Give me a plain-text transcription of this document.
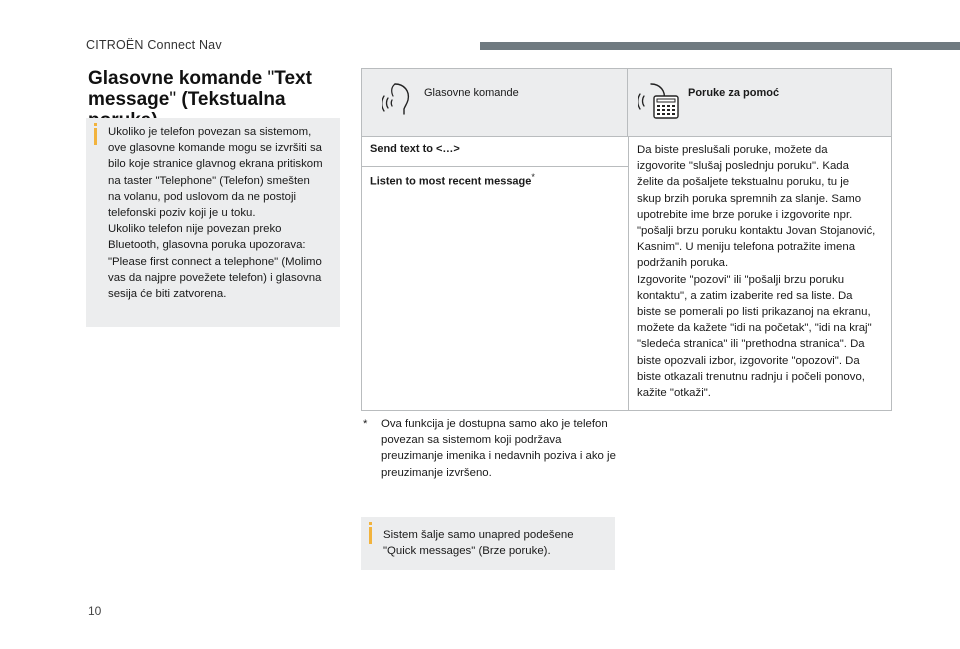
CITROËN Connect Nav
Glasovne komande "Text
message" (Tekstualna
Ukoliko je telefon povezan sa sistemom,
ove glasovne komande mogu se izvršiti sa
bilo koje stranice glavnog ekrana pritiskom
na taster "Telephone" (Telefon) smešten
na volanu, pod uslovom da ne postoji
telefonski poziv koji je u toku.
Ukoliko telefon nije povezan preko
Bluetooth, glasovna poruka upozorava:
"Please first connect a telephone" (Molimo
vas da najpre povežete telefon) i glasovna
sesija će biti zatvorena.
Glasovne komande	Poruke za pomoć
Send text to <…>
Listen to most recent message*
Da biste preslušali poruke, možete da
izgovorite "slušaj poslednju poruku". Kada
želite da pošaljete tekstualnu poruku, tu je
skup brzih poruka spremnih za slanje. Samo
upotrebite ime brze poruke i izgovorite npr.
"pošalji brzu poruku kontaktu Jovan Stojanović,
Kasnim". U meniju telefona potražite imena
podržanih poruka.
Izgovorite "pozovi" ili "pošalji brzu poruku
kontaktu", a zatim izaberite red sa liste. Da
biste se pomerali po listi prikazanoj na ekranu,
možete da kažete "idi na početak", "idi na kraj"
"sledeća stranica" ili "prethodna stranica". Da
biste opozvali izbor, izgovorite "opozovi". Da
biste otkazali trenutnu radnju i počeli ponovo,
kažite "otkaži".
* Ova funkcija je dostupna samo ako je telefon povezan sa sistemom koji podržava preuzimanje imenika i nedavnih poziva i ako je preuzimanje izvršeno.
Sistem šalje samo unapred podešene
"Quick messages" (Brze poruke).
10
